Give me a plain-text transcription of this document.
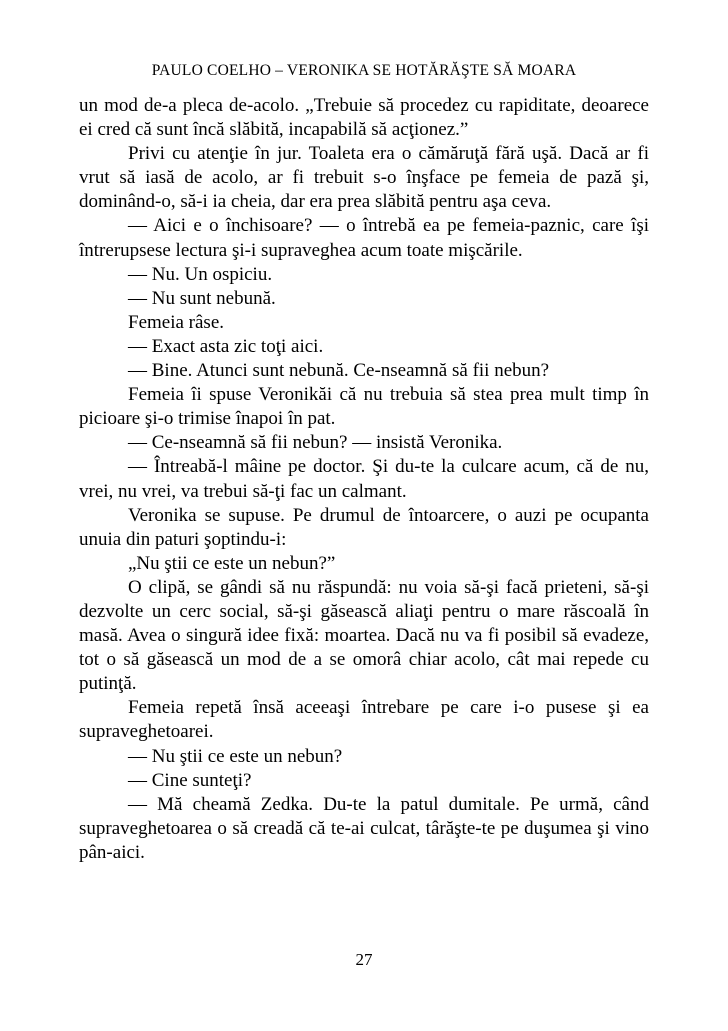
PAULO COELHO – VERONIKA SE HOTĂRĂŞTE SĂ MOARA

un mod de-a pleca de-acolo. „Trebuie să procedez cu rapiditate, deoarece ei cred că sunt încă slăbită, incapabilă să acţionez.”

Privi cu atenţie în jur. Toaleta era o cămăruţă fără uşă. Dacă ar fi vrut să iasă de acolo, ar fi trebuit s-o înşface pe femeia de pază şi, dominând-o, să-i ia cheia, dar era prea slăbită pentru aşa ceva.

— Aici e o închisoare? — o întrebă ea pe femeia-paznic, care îşi întrerupsese lectura şi-i supraveghea acum toate mişcările.

— Nu. Un ospiciu.

— Nu sunt nebună.

Femeia râse.

— Exact asta zic toţi aici.

— Bine. Atunci sunt nebună. Ce-nseamnă să fii nebun?

Femeia îi spuse Veronikăi că nu trebuia să stea prea mult timp în picioare şi-o trimise înapoi în pat.

— Ce-nseamnă să fii nebun? — insistă Veronika.

— Întreabă-l mâine pe doctor. Şi du-te la culcare acum, că de nu, vrei, nu vrei, va trebui să-ţi fac un calmant.

Veronika se supuse. Pe drumul de întoarcere, o auzi pe ocupanta unuia din paturi şoptindu-i:

„Nu ştii ce este un nebun?”

O clipă, se gândi să nu răspundă: nu voia să-şi facă prieteni, să-şi dezvolte un cerc social, să-şi găsească aliaţi pentru o mare răscoală în masă. Avea o singură idee fixă: moartea. Dacă nu va fi posibil să evadeze, tot o să găsească un mod de a se omorâ chiar acolo, cât mai repede cu putinţă.

Femeia repetă însă aceeaşi întrebare pe care i-o pusese şi ea supraveghetoarei.

— Nu ştii ce este un nebun?

— Cine sunteţi?

— Mă cheamă Zedka. Du-te la patul dumitale. Pe urmă, când supraveghetoarea o să creadă că te-ai culcat, târăşte-te pe duşumea şi vino pân-aici.

27
